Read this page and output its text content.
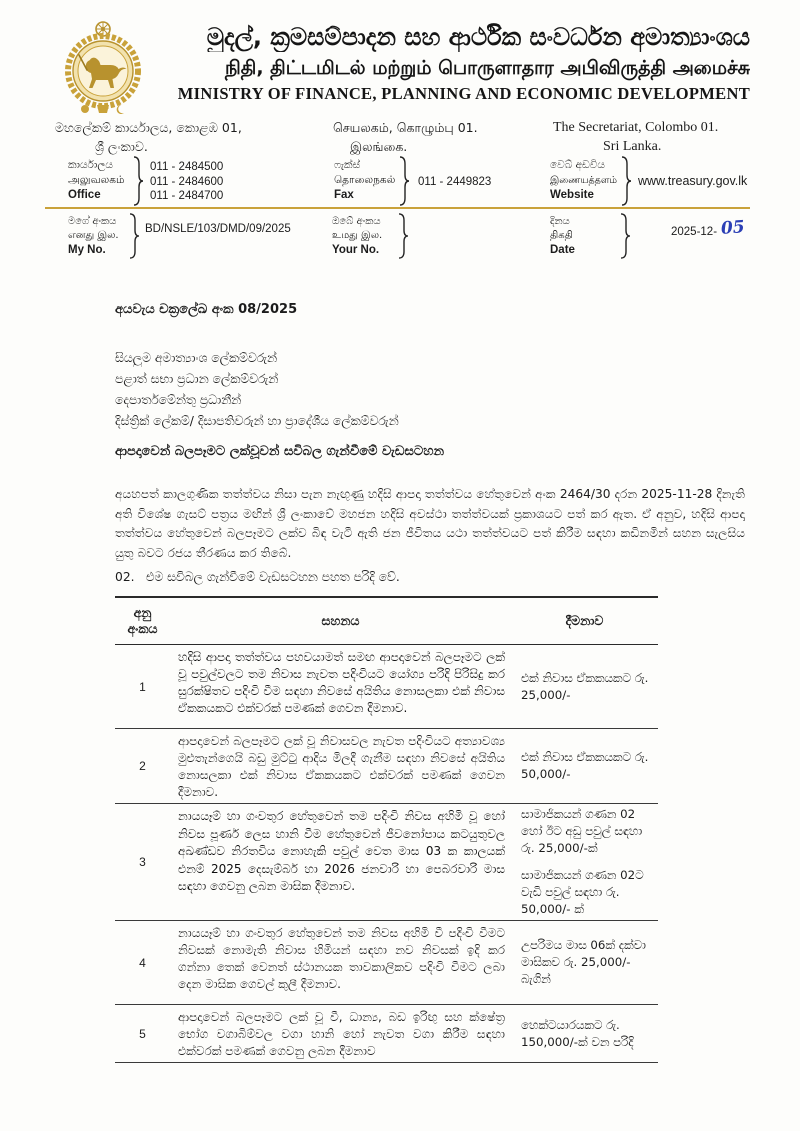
මුදල්, ක්‍රමසම්පාදන සහ ආර්ථික සංවර්ධන අමාත්‍යාංශය
நிதி, திட்டமிடல் மற்றும் பொருளாதார அபிவிருத்தி அமைச்சு
MINISTRY OF FINANCE, PLANNING AND ECONOMIC DEVELOPMENT
මහලේකම් කාර්යාලය, කොළඹ 01,
ශ්‍රී ලංකාව.
செயலகம், கொழும்பு 01.
இலங்கை.
The Secretariat, Colombo 01.
Sri Lanka.
කාර්යාලය
அலுவலகம்
Office
011 - 2484500
011 - 2484600
011 - 2484700
ෆැක්ස්
தொலைநகல்
Fax
011 - 2449823
වෙබ් අඩවිය
இணையத்தளம்
Website
www.treasury.gov.lk
මගේ අංකය
எனது இல.
My No.
BD/NSLE/103/DMD/09/2025
ඔබේ අංකය
உமது இல.
Your No.
දිනය
திகதி
Date
2025-12- 05
අයවැය චක්‍රලේඛ අංක 08/2025
සියලුම අමාත්‍යාංශ ලේකම්වරුන්
පළාත් සභා ප්‍රධාන ලේකම්වරුන්
දෙපාර්තමේන්තු ප්‍රධානීන්
දිස්ත්‍රික් ලේකම්/ දිසාපතිවරුන් හා ප්‍රාදේශීය ලේකම්වරුන්
ආපදාවෙන් බලපෑමට ලක්වූවන් සවිබල ගැන්වීමේ වැඩසටහන
අයහපත් කාලගුණික තත්ත්වය නිසා පැන නැඟුණු හදිසි ආපදා තත්ත්වය හේතුවෙන් අංක 2464/30 දරන 2025-11-28 දිනැති අති විශේෂ ගැසට් පත්‍රය මඟින් ශ්‍රී ලංකාවේ මහජන හදිසි අවස්ථා තත්ත්වයක් ප්‍රකාශයට පත් කර ඇත. ඒ අනුව, හදිසි ආපදා තත්ත්වය හේතුවෙන් බලපෑමට ලක්ව බිඳ වැටී ඇති ජන ජීවිතය යථා තත්ත්වයට පත් කිරීම සඳහා කඩිනමින් සහන සැලසිය යුතු බවට රජය තීරණය කර තිබේ.
02. එම සවිබල ගැන්වීමේ වැඩසටහන පහත පරිදි වේ.
අනු
අංකය	සහනය	දීමනාව
1	හදිසි ආපදා තත්ත්වය පහවයාමත් සමඟ ආපදාවෙන් බලපෑමට ලක් වූ පවුල්වලට තම නිවාස නැවත පදිංචියට යෝග්‍ය පරිදි පිරිසිදු කර සුරක්ෂිතව පදිංචි වීම සඳහා නිවසේ අයිතිය නොසලකා එක් නිවාස ඒකකයකට එක්වරක් පමණක් ගෙවන දීමනාව.	එක් නිවාස ඒකකයකට රු. 25,000/-

2	ආපදාවෙන් බලපෑමට ලක් වූ නිවාසවල නැවත පදිංචියට අත්‍යාවශ්‍ය මුළුතැන්ගෙයි බඩු මුට්ටු ආදිය මිලදී ගැනීම සඳහා නිවසේ අයිතිය නොසලකා එක් නිවාස ඒකකයකට එක්වරක් පමණක් ගෙවන දීමනාව.	එක් නිවාස ඒකකයකට රු. 50,000/-

3	නායයෑම් හා ගංවතුර හේතුවෙන් තම පදිංචි නිවස අහිමි වූ හෝ නිවස පූර්ණ ලෙස හානි වීම හේතුවෙන් ජීවනෝපාය කටයුතුවල අඛණ්ඩව නිරතවිය නොහැකි පවුල් වෙත මාස 03 ක කාලයක් එනම් 2025 දෙසැම්බර් හා 2026 ජනවාරි හා පෙබරවාරි මාස සඳහා ගෙවනු ලබන මාසික දීමනාව.	සාමාජිකයන් ගණන 02 හෝ ඊට අඩු පවුල් සඳහා රු. 25,000/-ක්
සාමාජිකයන් ගණන 02ට වැඩි පවුල් සඳහා රු. 50,000/- ක්

4	නායයෑම් හා ගංවතුර හේතුවෙන් තම නිවස අහිමි වී පදිංචි වීමට නිවසක් නොමැති නිවාස හිමියන් සඳහා නව නිවසක් ඉදි කර ගන්නා තෙක් වෙනත් ස්ථානයක තාවකාලිකව පදිංචි වීමට ලබා දෙන මාසික ගෙවල් කුලී දීමනාව.	උපරිමය මාස 06ක් දක්වා මාසිකව රු. 25,000/- බැගින්

5	ආපදාවෙන් බලපෑමට ලක් වූ වී, ධාන්‍ය, බඩ ඉරිඟු සහ ක්ෂේත්‍ර භෝග වගාබිම්වල වගා හානි හෝ නැවත වගා කිරීම සඳහා එක්වරක් පමණක් ගෙවනු ලබන දීමනාව	හෙක්ටයාරයකට රු. 150,000/-ක් වන පරිදි
